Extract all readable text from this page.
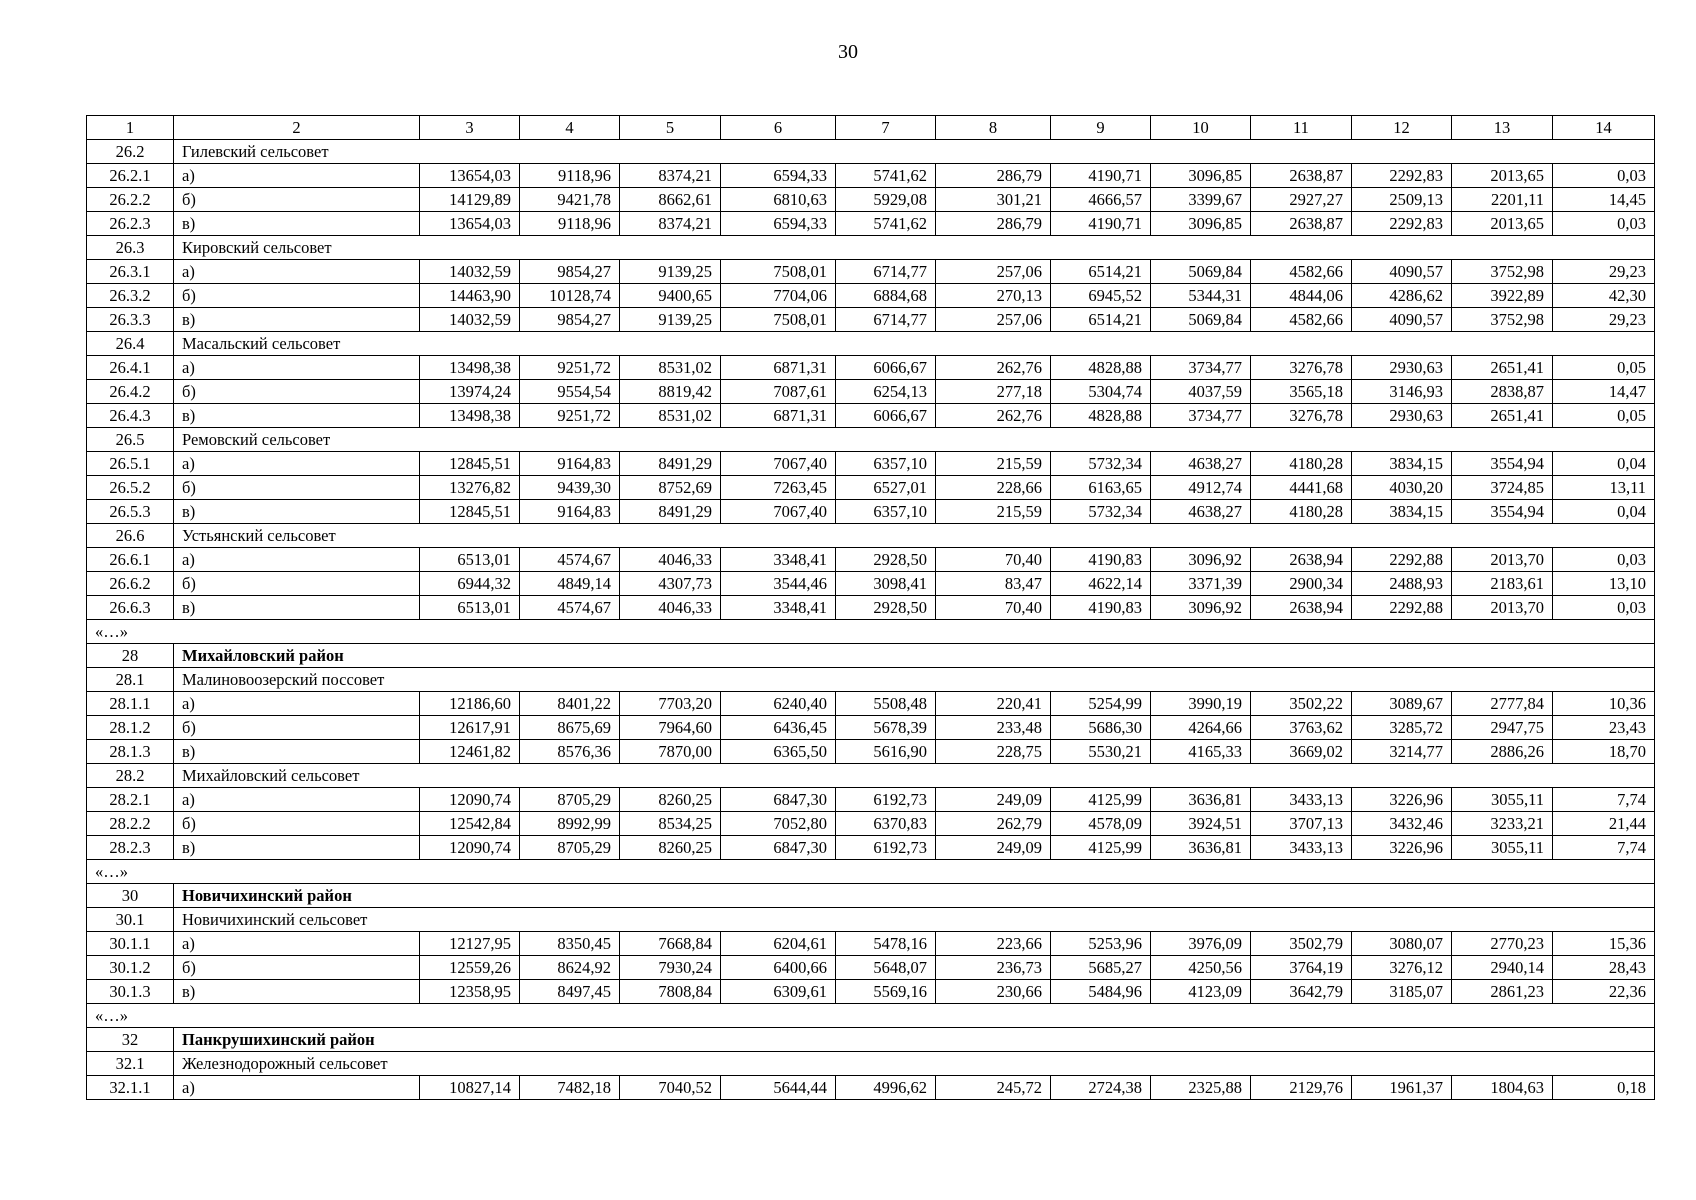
30
1	2	3	4	5	6	7	8	9	10	11	12	13	14
26.2	Гилевский сельсовет												
26.2.1	а)	13654,03	9118,96	8374,21	6594,33	5741,62	286,79	4190,71	3096,85	2638,87	2292,83	2013,65	0,03
26.2.2	б)	14129,89	9421,78	8662,61	6810,63	5929,08	301,21	4666,57	3399,67	2927,27	2509,13	2201,11	14,45
26.2.3	в)	13654,03	9118,96	8374,21	6594,33	5741,62	286,79	4190,71	3096,85	2638,87	2292,83	2013,65	0,03
26.3	Кировский сельсовет												
26.3.1	а)	14032,59	9854,27	9139,25	7508,01	6714,77	257,06	6514,21	5069,84	4582,66	4090,57	3752,98	29,23
26.3.2	б)	14463,90	10128,74	9400,65	7704,06	6884,68	270,13	6945,52	5344,31	4844,06	4286,62	3922,89	42,30
26.3.3	в)	14032,59	9854,27	9139,25	7508,01	6714,77	257,06	6514,21	5069,84	4582,66	4090,57	3752,98	29,23
26.4	Масальский сельсовет												
26.4.1	а)	13498,38	9251,72	8531,02	6871,31	6066,67	262,76	4828,88	3734,77	3276,78	2930,63	2651,41	0,05
26.4.2	б)	13974,24	9554,54	8819,42	7087,61	6254,13	277,18	5304,74	4037,59	3565,18	3146,93	2838,87	14,47
26.4.3	в)	13498,38	9251,72	8531,02	6871,31	6066,67	262,76	4828,88	3734,77	3276,78	2930,63	2651,41	0,05
26.5	Ремовский сельсовет												
26.5.1	а)	12845,51	9164,83	8491,29	7067,40	6357,10	215,59	5732,34	4638,27	4180,28	3834,15	3554,94	0,04
26.5.2	б)	13276,82	9439,30	8752,69	7263,45	6527,01	228,66	6163,65	4912,74	4441,68	4030,20	3724,85	13,11
26.5.3	в)	12845,51	9164,83	8491,29	7067,40	6357,10	215,59	5732,34	4638,27	4180,28	3834,15	3554,94	0,04
26.6	Устьянский сельсовет												
26.6.1	а)	6513,01	4574,67	4046,33	3348,41	2928,50	70,40	4190,83	3096,92	2638,94	2292,88	2013,70	0,03
26.6.2	б)	6944,32	4849,14	4307,73	3544,46	3098,41	83,47	4622,14	3371,39	2900,34	2488,93	2183,61	13,10
26.6.3	в)	6513,01	4574,67	4046,33	3348,41	2928,50	70,40	4190,83	3096,92	2638,94	2292,88	2013,70	0,03
«…»													
28	Михайловский район												
28.1	Малиновоозерский поссовет												
28.1.1	а)	12186,60	8401,22	7703,20	6240,40	5508,48	220,41	5254,99	3990,19	3502,22	3089,67	2777,84	10,36
28.1.2	б)	12617,91	8675,69	7964,60	6436,45	5678,39	233,48	5686,30	4264,66	3763,62	3285,72	2947,75	23,43
28.1.3	в)	12461,82	8576,36	7870,00	6365,50	5616,90	228,75	5530,21	4165,33	3669,02	3214,77	2886,26	18,70
28.2	Михайловский сельсовет												
28.2.1	а)	12090,74	8705,29	8260,25	6847,30	6192,73	249,09	4125,99	3636,81	3433,13	3226,96	3055,11	7,74
28.2.2	б)	12542,84	8992,99	8534,25	7052,80	6370,83	262,79	4578,09	3924,51	3707,13	3432,46	3233,21	21,44
28.2.3	в)	12090,74	8705,29	8260,25	6847,30	6192,73	249,09	4125,99	3636,81	3433,13	3226,96	3055,11	7,74
«…»													
30	Новичихинский район												
30.1	Новичихинский сельсовет												
30.1.1	а)	12127,95	8350,45	7668,84	6204,61	5478,16	223,66	5253,96	3976,09	3502,79	3080,07	2770,23	15,36
30.1.2	б)	12559,26	8624,92	7930,24	6400,66	5648,07	236,73	5685,27	4250,56	3764,19	3276,12	2940,14	28,43
30.1.3	в)	12358,95	8497,45	7808,84	6309,61	5569,16	230,66	5484,96	4123,09	3642,79	3185,07	2861,23	22,36
«…»													
32	Панкрушихинский район												
32.1	Железнодорожный сельсовет												
32.1.1	а)	10827,14	7482,18	7040,52	5644,44	4996,62	245,72	2724,38	2325,88	2129,76	1961,37	1804,63	0,18
